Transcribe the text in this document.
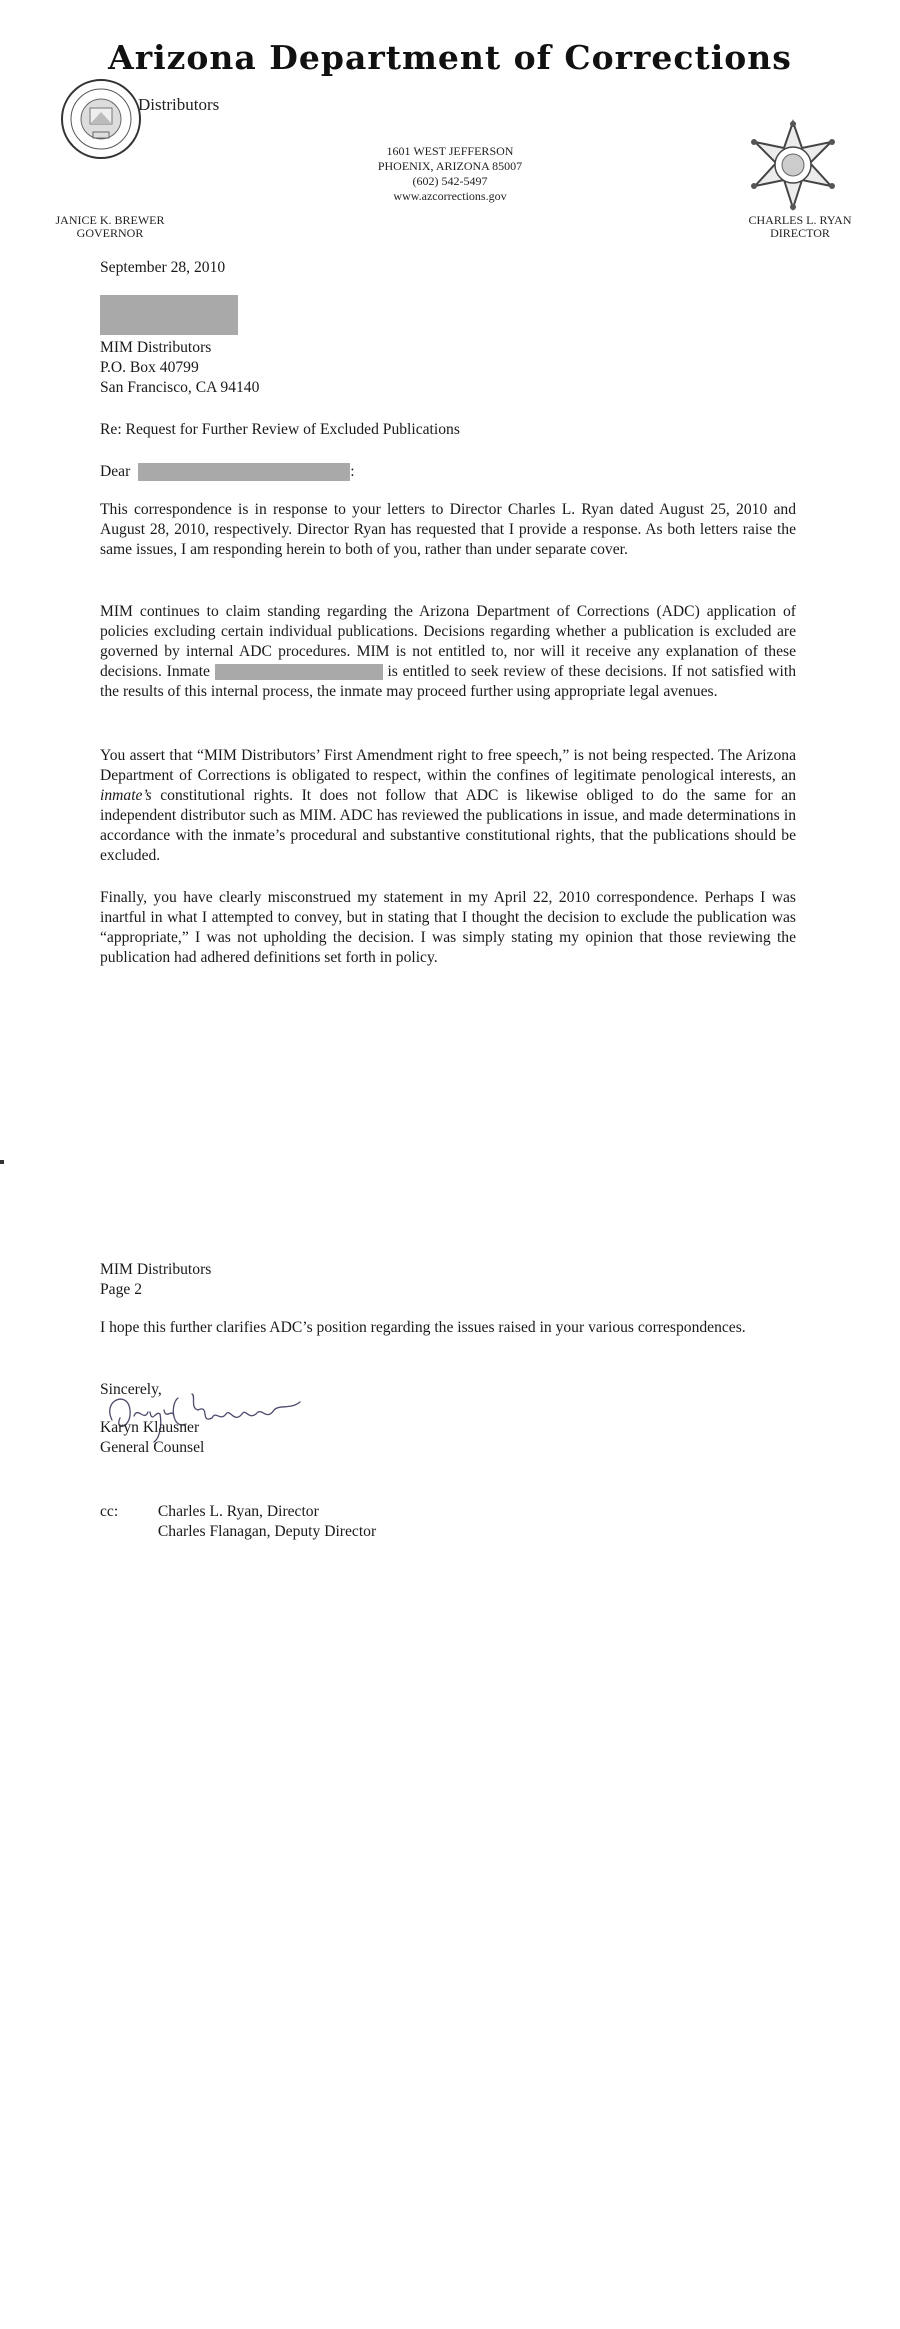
Arizona Department of Corrections
Distributors
1601 WEST JEFFERSON
PHOENIX, ARIZONA 85007
(602) 542-5497
www.azcorrections.gov
JANICE K. BREWER
GOVERNOR
CHARLES L. RYAN
DIRECTOR
September 28, 2010
MIM Distributors
P.O. Box 40799
San Francisco, CA 94140
Re: Request for Further Review of Excluded Publications
Dear	:

This correspondence is in response to your letters to Director Charles L. Ryan dated August 25, 2010 and August 28, 2010, respectively. Director Ryan has requested that I provide a response. As both letters raise the same issues, I am responding herein to both of you, rather than under separate cover.

MIM continues to claim standing regarding the Arizona Department of Corrections (ADC) application of policies excluding certain individual publications. Decisions regarding whether a publication is excluded are governed by internal ADC procedures. MIM is not entitled to, nor will it receive any explanation of these decisions. Inmate	is entitled to seek review of these decisions. If not satisfied with the results of this internal process, the inmate may proceed further using appropriate legal avenues.

You assert that “MIM Distributors’ First Amendment right to free speech,” is not being respected. The Arizona Department of Corrections is obligated to respect, within the confines of legitimate penological interests, an inmate’s constitutional rights. It does not follow that ADC is likewise obliged to do the same for an independent distributor such as MIM. ADC has reviewed the publications in issue, and made determinations in accordance with the inmate’s procedural and substantive constitutional rights, that the publications should be excluded.

Finally, you have clearly misconstrued my statement in my April 22, 2010 correspondence. Perhaps I was inartful in what I attempted to convey, but in stating that I thought the decision to exclude the publication was “appropriate,” I was not upholding the decision. I was simply stating my opinion that those reviewing the publication had adhered definitions set forth in policy.

MIM Distributors
Page 2

I hope this further clarifies ADC’s position regarding the issues raised in your various correspondences.

Sincerely,
Karyn Klausner
General Counsel
cc:	Charles L. Ryan, Director
Charles Flanagan, Deputy Director
